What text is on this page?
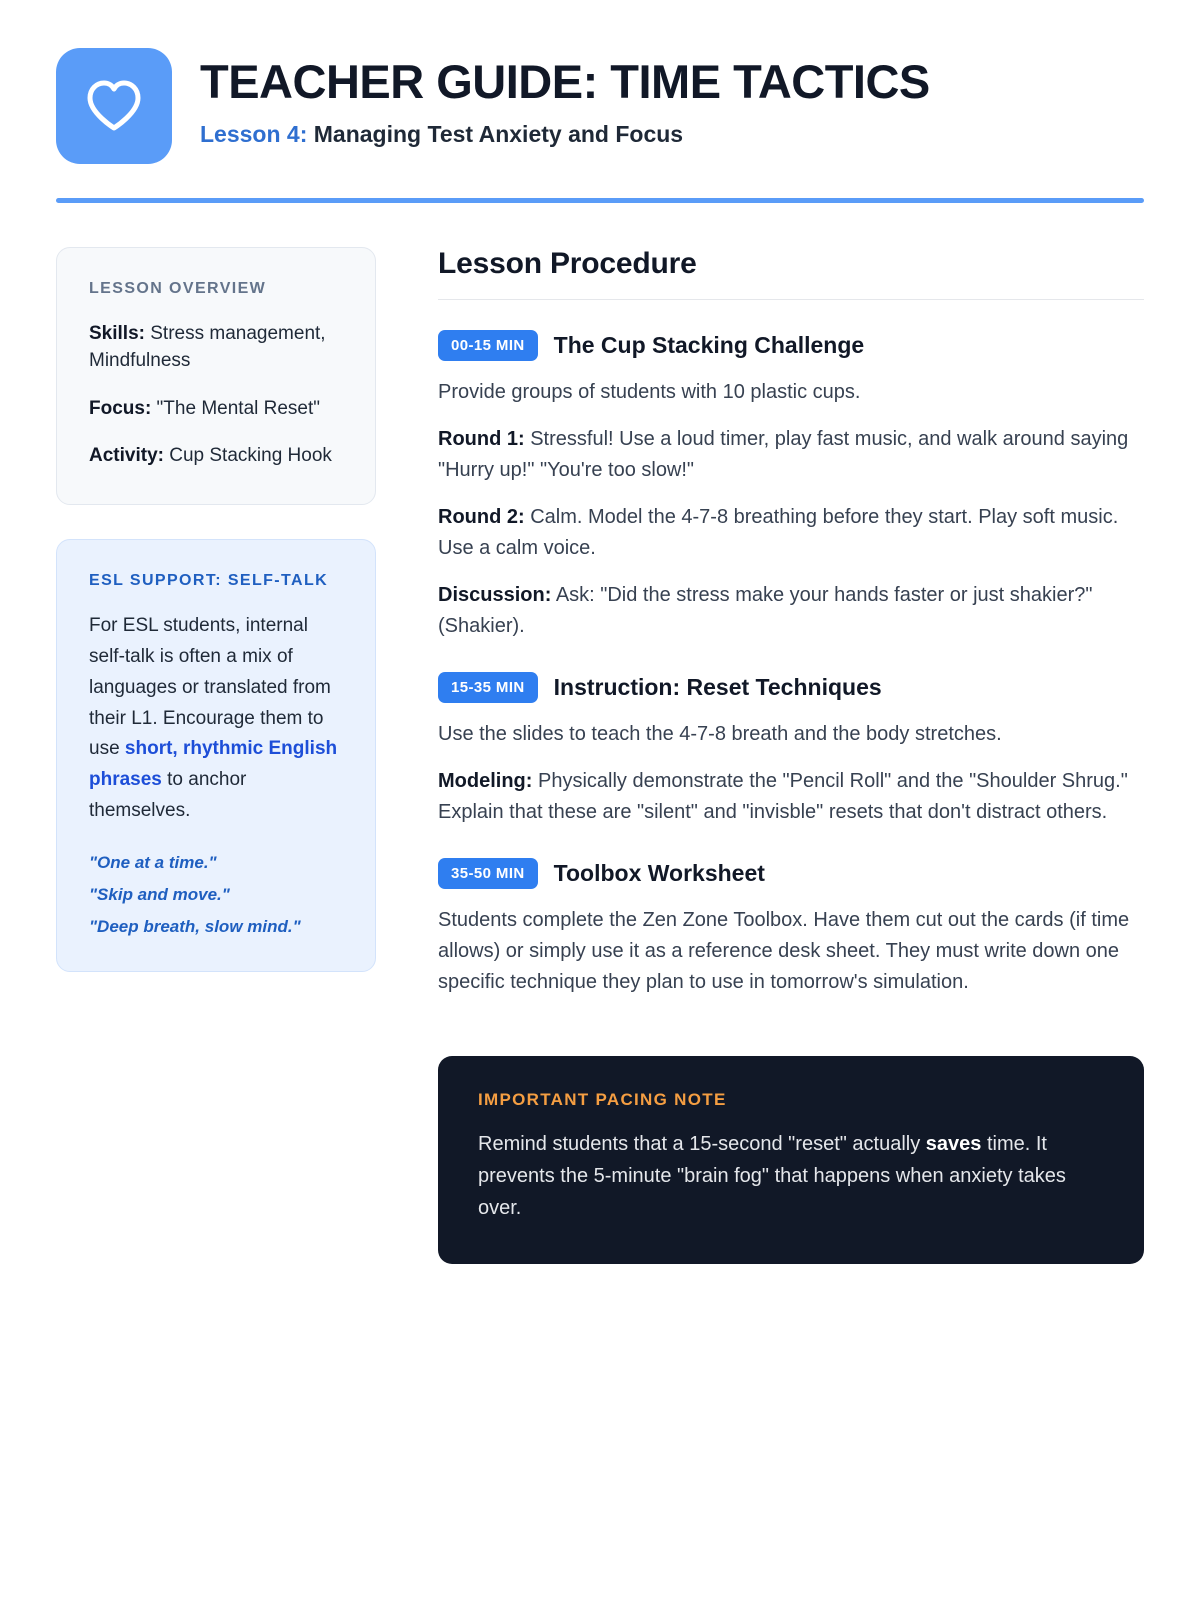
TEACHER GUIDE: TIME TACTICS

Lesson 4: Managing Test Anxiety and Focus

LESSON OVERVIEW

Skills: Stress management, Mindfulness

Focus: "The Mental Reset"

Activity: Cup Stacking Hook

ESL SUPPORT: SELF-TALK

For ESL students, internal self-talk is often a mix of languages or translated from their L1. Encourage them to use short, rhythmic English phrases to anchor themselves.

"One at a time."

"Skip and move."

"Deep breath, slow mind."

Lesson Procedure
00-15 MIN	The Cup Stacking Challenge

Provide groups of students with 10 plastic cups.

Round 1: Stressful! Use a loud timer, play fast music, and walk around saying "Hurry up!" "You're too slow!"

Round 2: Calm. Model the 4-7-8 breathing before they start. Play soft music. Use a calm voice.

Discussion: Ask: "Did the stress make your hands faster or just shakier?" (Shakier).

15-35 MIN	Instruction: Reset Techniques

Use the slides to teach the 4-7-8 breath and the body stretches.

Modeling: Physically demonstrate the "Pencil Roll" and the "Shoulder Shrug." Explain that these are "silent" and "invisble" resets that don't distract others.

35-50 MIN	Toolbox Worksheet

Students complete the Zen Zone Toolbox. Have them cut out the cards (if time allows) or simply use it as a reference desk sheet. They must write down one specific technique they plan to use in tomorrow's simulation.

IMPORTANT PACING NOTE

Remind students that a 15-second "reset" actually saves time. It prevents the 5-minute "brain fog" that happens when anxiety takes over.
